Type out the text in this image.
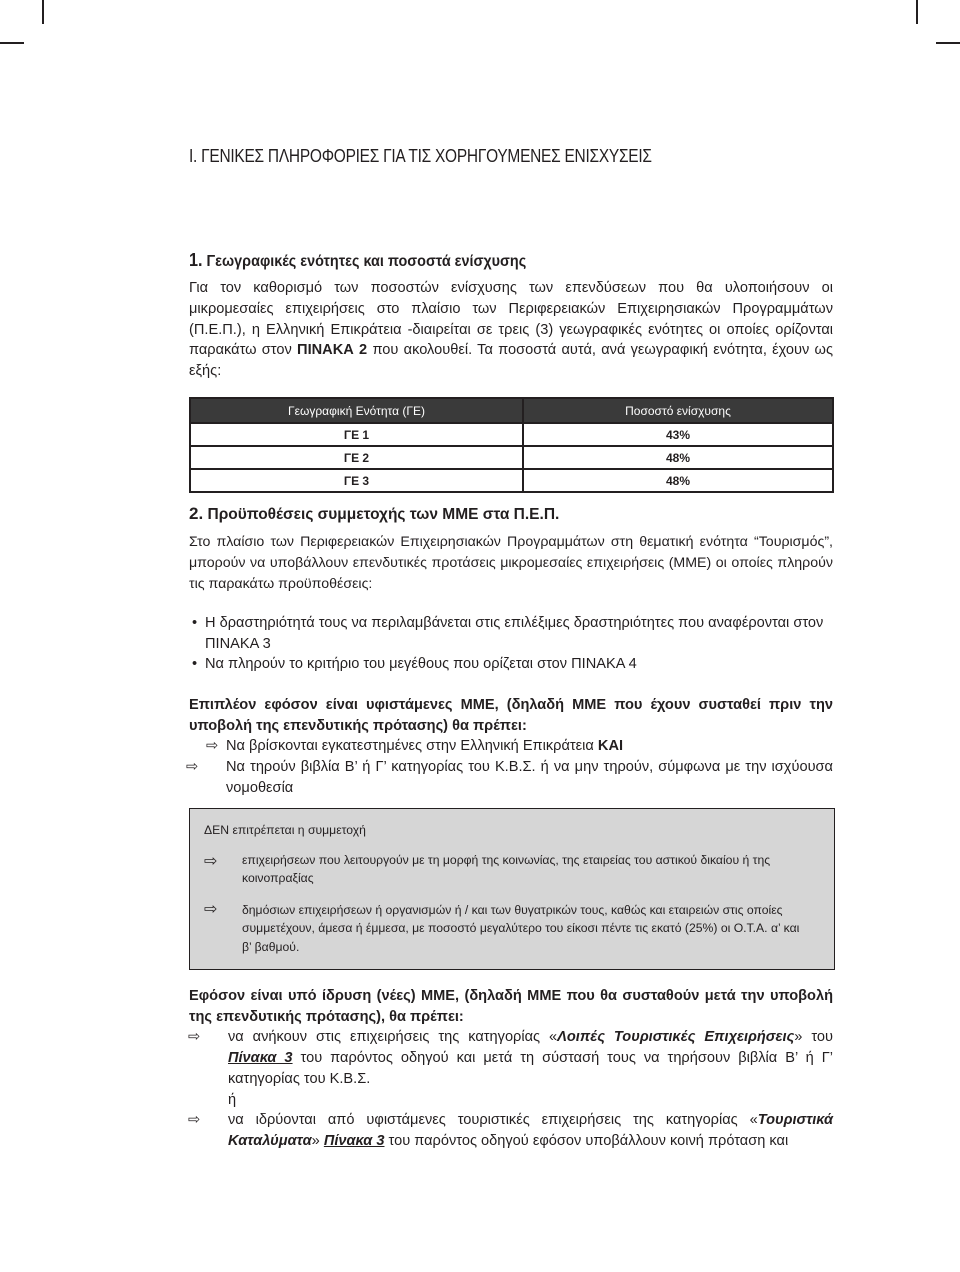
Ι. ΓΕΝΙΚΕΣ ΠΛΗΡΟΦΟΡΙΕΣ ΓΙΑ ΤΙΣ ΧΟΡΗΓΟΥΜΕΝΕΣ ΕΝΙΣΧΥΣΕΙΣ
1. Γεωγραφικές ενότητες και ποσοστά ενίσχυσης

Για τον καθορισμό των ποσοστών ενίσχυσης των επενδύσεων που θα υλοποιήσουν οι μικρομεσαίες επιχειρήσεις στο πλαίσιο των Περιφερειακών Επιχειρησιακών Προγραμμάτων (Π.Ε.Π.), η Ελληνική Επικράτεια -διαιρείται σε τρεις (3) γεωγραφικές ενότητες οι οποίες ορίζονται παρακάτω στον ΠΙΝΑΚΑ 2 που ακολουθεί. Τα ποσοστά αυτά, ανά γεωγραφική ενότητα, έχουν ως εξής:

Γεωγραφική Ενότητα (ΓΕ)	Ποσοστό ενίσχυσης
ΓΕ 1	43%
ΓΕ 2	48%
ΓΕ 3	48%
2. Προϋποθέσεις συμμετοχής των ΜΜΕ στα Π.Ε.Π.

Στο πλαίσιο των Περιφερειακών Επιχειρησιακών Προγραμμάτων στη θεματική ενότητα “Τουρισμός”, μπορούν να υποβάλλουν επενδυτικές προτάσεις μικρομεσαίες επιχειρήσεις (ΜΜΕ) οι οποίες πληρούν τις παρακάτω προϋποθέσεις:

• Η δραστηριότητά τους να περιλαμβάνεται στις επιλέξιμες δραστηριότητες που αναφέρονται στον ΠΙΝΑΚΑ 3
• Να πληρούν το κριτήριο του μεγέθους που ορίζεται στον ΠΙΝΑΚΑ 4

Επιπλέον εφόσον είναι υφιστάμενες ΜΜΕ, (δηλαδή ΜΜΕ που έχουν συσταθεί πριν την υποβολή της επενδυτικής πρότασης) θα πρέπει:

⇨ Να βρίσκονται εγκατεστημένες στην Ελληνική Επικράτεια ΚΑΙ
⇨ Να τηρούν βιβλία Β’ ή Γ’ κατηγορίας του Κ.Β.Σ. ή να μην τηρούν, σύμφωνα με την ισχύουσα νομοθεσία
ΔΕΝ επιτρέπεται η συμμετοχή
⇨ επιχειρήσεων που λειτουργούν με τη μορφή της κοινωνίας, της εταιρείας του αστικού δικαίου ή της κοινοπραξίας
⇨ δημόσιων επιχειρήσεων ή οργανισμών ή / και των θυγατρικών τους, καθώς και εταιρειών στις οποίες συμμετέχουν, άμεσα ή έμμεσα, με ποσοστό μεγαλύτερο του είκοσι πέντε τις εκατό (25%) οι Ο.Τ.Α. α’ και β’ βαθμού.

Εφόσον είναι υπό ίδρυση (νέες) ΜΜΕ, (δηλαδή ΜΜΕ που θα συσταθούν μετά την υποβολή της επενδυτικής πρότασης), θα πρέπει:

⇨ να ανήκουν στις επιχειρήσεις της κατηγορίας «Λοιπές Τουριστικές Επιχειρήσεις» του Πίνακα 3 του παρόντος οδηγού και μετά τη σύστασή τους να τηρήσουν βιβλία Β’ ή Γ’ κατηγορίας του Κ.Β.Σ.
ή
⇨ να ιδρύονται από υφιστάμενες τουριστικές επιχειρήσεις της κατηγορίας «Τουριστικά Καταλύματα» Πίνακα 3 του παρόντος οδηγού εφόσον υποβάλλουν κοινή πρόταση και
